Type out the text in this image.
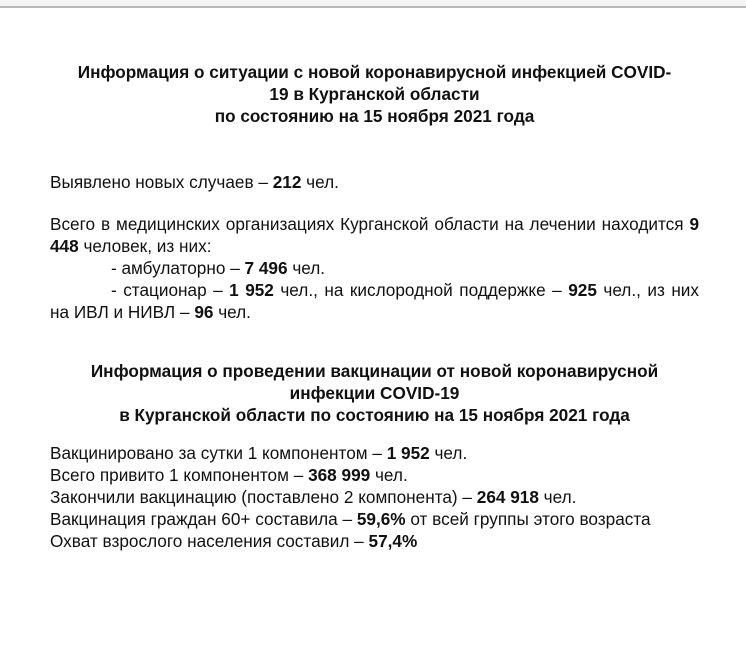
Информация о ситуации с новой коронавирусной инфекцией COVID-
19 в Курганской области
по состоянию на 15 ноября 2021 года

Выявлено новых случаев – 212 чел.

Всего в медицинских организациях Курганской области на лечении находится 9 448 человек, из них:

- амбулаторно – 7 496 чел.

- стационар – 1 952 чел., на кислородной поддержке – 925 чел., из них на ИВЛ и НИВЛ – 96 чел.

Информация о проведении вакцинации от новой коронавирусной
инфекции COVID-19
в Курганской области по состоянию на 15 ноября 2021 года

Вакцинировано за сутки 1 компонентом – 1 952 чел.

Всего привито 1 компонентом – 368 999 чел.

Закончили вакцинацию (поставлено 2 компонента) – 264 918 чел.

Вакцинация граждан 60+ составила – 59,6% от всей группы этого возраста

Охват взрослого населения составил – 57,4%
